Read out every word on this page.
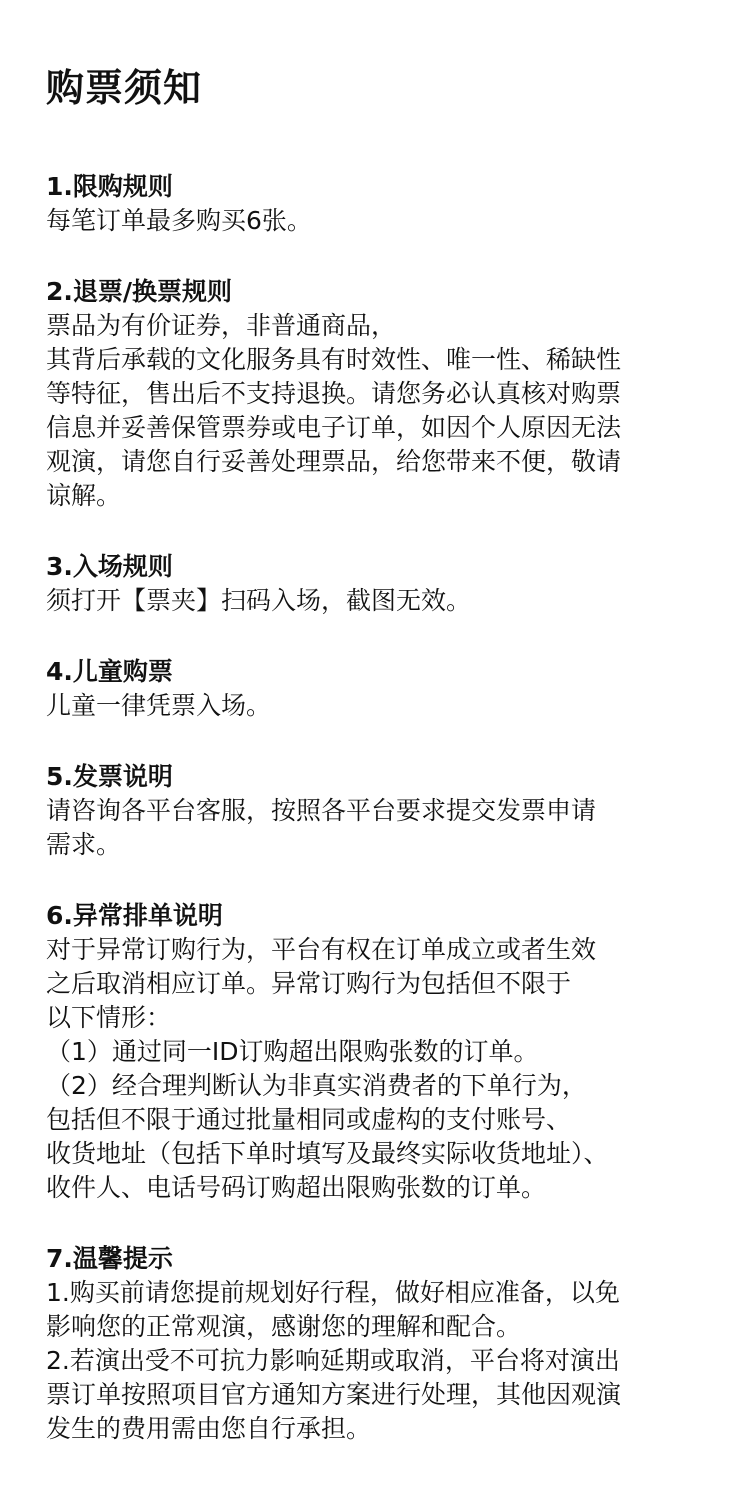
购票须知
1.限购规则

每笔订单最多购买6张。

2.退票/换票规则

票品为有价证券，非普通商品，

其背后承载的文化服务具有时效性、唯一性、稀缺性

等特征，售出后不支持退换。请您务必认真核对购票

信息并妥善保管票券或电子订单，如因个人原因无法

观演，请您自行妥善处理票品，给您带来不便，敬请

谅解。

3.入场规则

须打开【票夹】扫码入场，截图无效。

4.儿童购票

儿童一律凭票入场。

5.发票说明

请咨询各平台客服，按照各平台要求提交发票申请

需求。

6.异常排单说明

对于异常订购行为，平台有权在订单成立或者生效

之后取消相应订单。异常订购行为包括但不限于

以下情形：

（1）通过同一ID订购超出限购张数的订单。

（2）经合理判断认为非真实消费者的下单行为，

包括但不限于通过批量相同或虚构的支付账号、

收货地址（包括下单时填写及最终实际收货地址）、

收件人、电话号码订购超出限购张数的订单。

7.温馨提示

1.购买前请您提前规划好行程，做好相应准备，以免

影响您的正常观演，感谢您的理解和配合。

2.若演出受不可抗力影响延期或取消，平台将对演出

票订单按照项目官方通知方案进行处理，其他因观演

发生的费用需由您自行承担。
